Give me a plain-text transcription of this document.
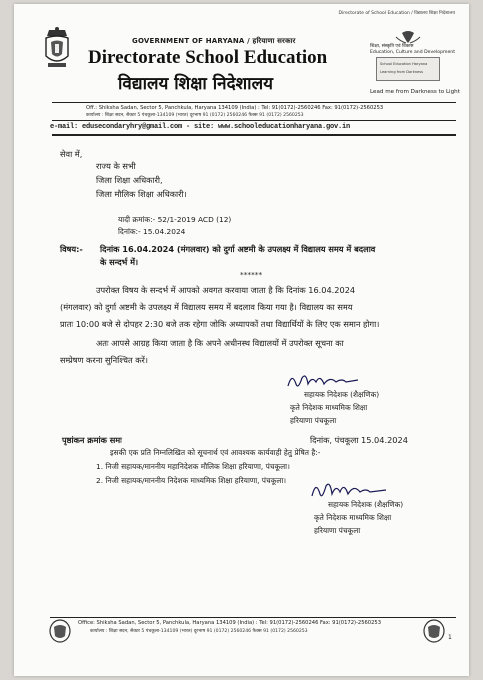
Directorate of School Education / विद्यालय शिक्षा निदेशालय
GOVERNMENT OF HARYANA / हरियाणा सरकार
Directorate School Education
विद्यालय शिक्षा निदेशालय
शिक्षा, संस्कृति एवं विकास
Education, Culture and Development
School Education Haryana
Learning from Darkness
Lead me from Darkness to Light
Off.: Shiksha Sadan, Sector 5, Panchkula, Haryana 134109 (India) : Tel: 91(0172)-2560246 Fax: 91(0172)-2560253
कार्यालय : शिक्षा सदन, सैक्टर 5 पंचकूला-134109 (भारत) दूरभाष 91 (0172) 2560246 फैक्स 91 (0172) 2560253
e-mail: edusecondaryhry@gmail.com - site: www.schooleducationharyana.gov.in
सेवा में,
राज्य के सभी
जिला शिक्षा अधिकारी,
जिला मौलिक शिक्षा अधिकारी।
यादी क्रमांक:- 52/1-2019 ACD (12)
दिनांक:- 15.04.2024
विषय:- दिनांक 16.04.2024 (मंगलवार) को दुर्गा अष्टमी के उपलक्ष्य में विद्यालय समय में बदलाव
के सन्दर्भ में।
******
उपरोक्त विषय के सन्दर्भ में आपको अवगत करवाया जाता है कि दिनांक 16.04.2024
(मंगलवार) को दुर्गा अष्टमी के उपलक्ष्य में विद्यालय समय में बदलाव किया गया है। विद्यालय का समय
प्रातः 10:00 बजे से दोपहर 2:30 बजे तक रहेगा जोकि अध्यापकों तथा विद्यार्थियों के लिए एक समान होगा।
अतः आपसे आग्रह किया जाता है कि अपने अधीनस्थ विद्यालयों में उपरोक्त सूचना का
सम्प्रेषण करना सुनिश्चित करें।
सहायक निदेशक (शैक्षणिक)
कृते निदेशक माध्यमिक शिक्षा
हरियाणा पंचकूला
पृष्ठांकन क्रमांक समः	दिनांक, पंचकूला 15.04.2024
इसकी एक प्रति निम्नलिखित को सूचनार्थ एवं आवश्यक कार्यवाही हेतु प्रेषित है:-
1. निजी सहायक/माननीय महानिदेशक मौलिक शिक्षा हरियाणा, पंचकूला।
2. निजी सहायक/माननीय निदेशक माध्यमिक शिक्षा हरियाणा, पंचकूला।
सहायक निदेशक (शैक्षणिक)
कृते निदेशक माध्यमिक शिक्षा
हरियाणा पंचकूला
Office: Shiksha Sadan, Sector 5, Panchkula, Haryana 134109 (India) : Tel: 91(0172)-2560246 Fax: 91(0172)-2560253
कार्यालय : शिक्षा सदन, सैक्टर 5 पंचकूला-134109 (भारत) दूरभाष 91 (0172) 2560246 फैक्स 91 (0172) 2560253
1
